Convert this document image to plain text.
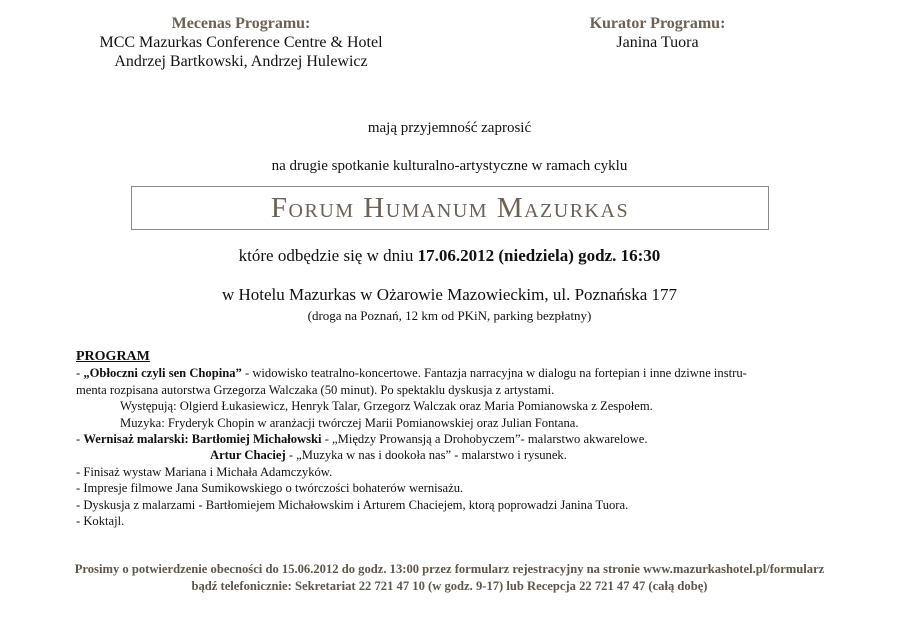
Mecenas Programu:
MCC Mazurkas Conference Centre & Hotel
Andrzej Bartkowski, Andrzej Hulewicz
Kurator Programu:
Janina Tuora
mają przyjemność zaprosić
na drugie spotkanie kulturalno-artystyczne w ramach cyklu
Forum Humanum Mazurkas
które odbędzie się w dniu 17.06.2012 (niedziela) godz. 16:30
w Hotelu Mazurkas w Ożarowie Mazowieckim, ul. Poznańska 177
(droga na Poznań, 12 km od PKiN, parking bezpłatny)
PROGRAM
- „Obłoczni czyli sen Chopina” - widowisko teatralno-koncertowe. Fantazja narracyjna w dialogu na fortepian i inne dziwne instru-
menta rozpisana autorstwa Grzegorza Walczaka (50 minut). Po spektaklu dyskusja z artystami.
Występują: Olgierd Łukasiewicz, Henryk Talar, Grzegorz Walczak oraz Maria Pomianowska z Zespołem.
Muzyka: Fryderyk Chopin w aranżacji twórczej Marii Pomianowskiej oraz Julian Fontana.
- Wernisaż malarski: Bartłomiej Michałowski - „Między Prowansją a Drohobyczem”- malarstwo akwarelowe.
Artur Chaciej - „Muzyka w nas i dookoła nas” - malarstwo i rysunek.
- Finisaż wystaw Mariana i Michała Adamczyków.
- Impresje filmowe Jana Sumikowskiego o twórczości bohaterów wernisażu.
- Dyskusja z malarzami - Bartłomiejem Michałowskim i Arturem Chaciejem, ktorą poprowadzi Janina Tuora.
- Koktajl.
Prosimy o potwierdzenie obecności do 15.06.2012 do godz. 13:00 przez formularz rejestracyjny na stronie www.mazurkashotel.pl/formularz
bądź telefonicznie: Sekretariat 22 721 47 10 (w godz. 9-17) lub Recepcja 22 721 47 47 (całą dobę)
